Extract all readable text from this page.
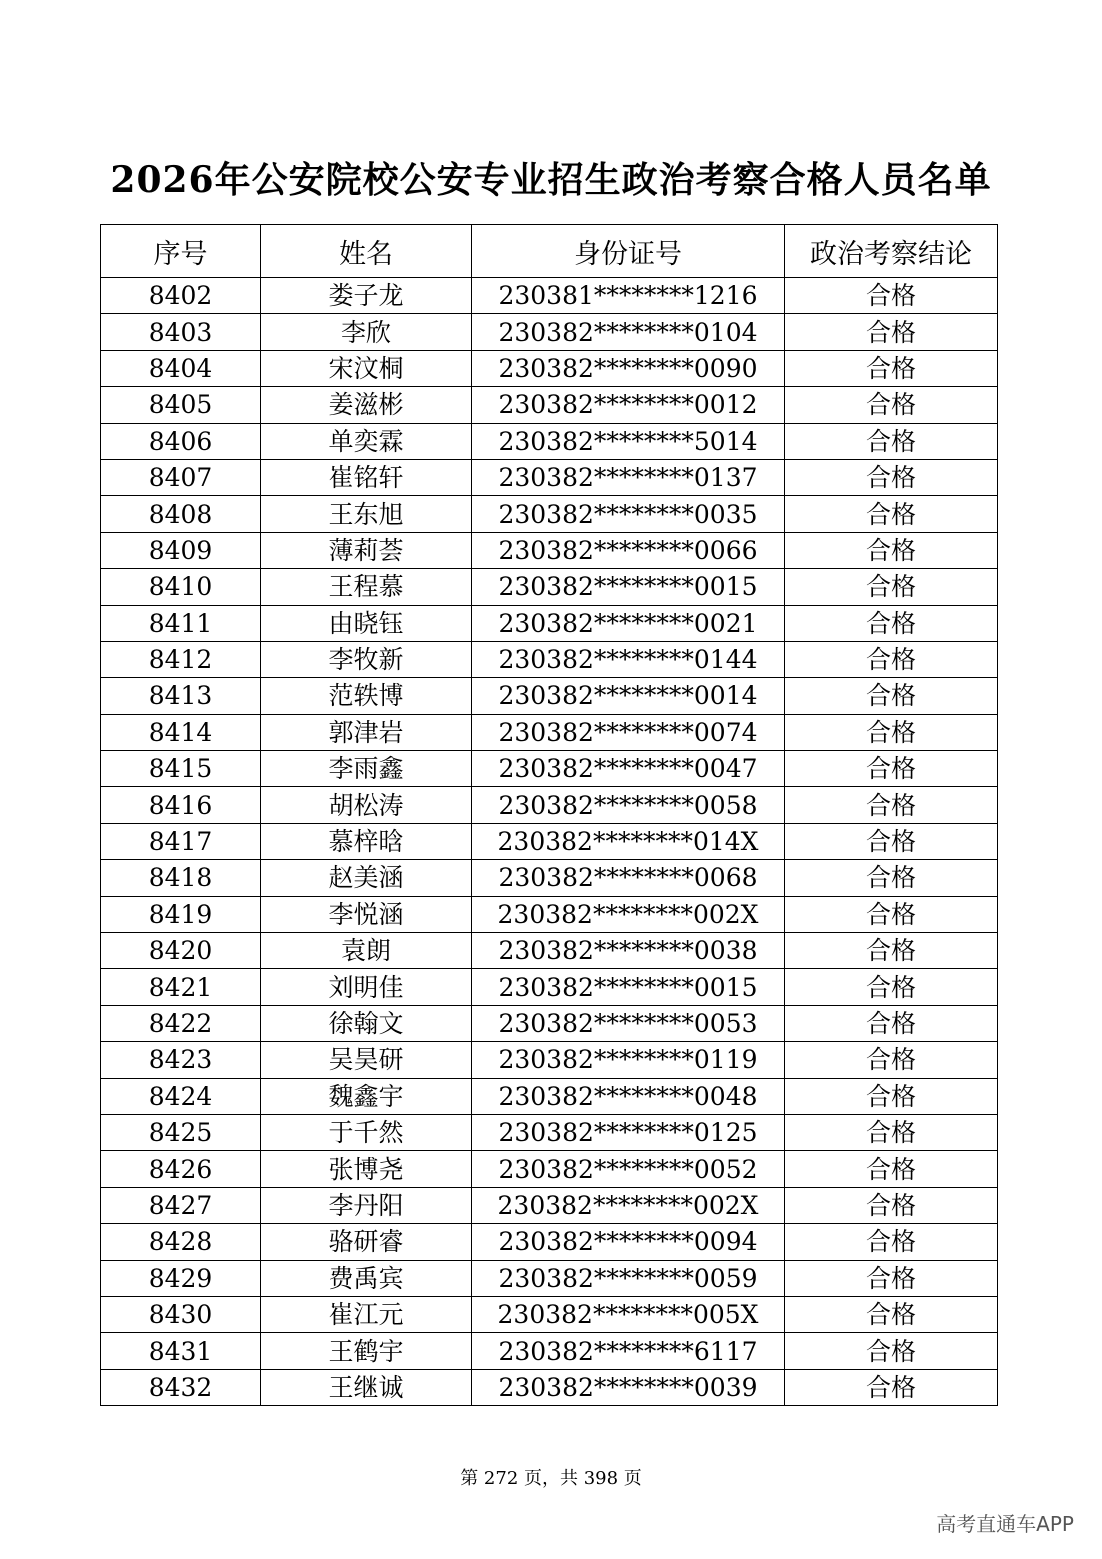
2026年公安院校公安专业招生政治考察合格人员名单
序号	姓名	身份证号	政治考察结论
8402	娄子龙	230381********1216	合格
8403	李欣	230382********0104	合格
8404	宋汶桐	230382********0090	合格
8405	姜滋彬	230382********0012	合格
8406	单奕霖	230382********5014	合格
8407	崔铭轩	230382********0137	合格
8408	王东旭	230382********0035	合格
8409	薄莉荟	230382********0066	合格
8410	王程慕	230382********0015	合格
8411	由晓钰	230382********0021	合格
8412	李牧新	230382********0144	合格
8413	范轶博	230382********0014	合格
8414	郭津岩	230382********0074	合格
8415	李雨鑫	230382********0047	合格
8416	胡松涛	230382********0058	合格
8417	慕梓晗	230382********014X	合格
8418	赵美涵	230382********0068	合格
8419	李悦涵	230382********002X	合格
8420	袁朗	230382********0038	合格
8421	刘明佳	230382********0015	合格
8422	徐翰文	230382********0053	合格
8423	吴昊研	230382********0119	合格
8424	魏鑫宇	230382********0048	合格
8425	于千然	230382********0125	合格
8426	张博尧	230382********0052	合格
8427	李丹阳	230382********002X	合格
8428	骆研睿	230382********0094	合格
8429	费禹宾	230382********0059	合格
8430	崔江元	230382********005X	合格
8431	王鹤宇	230382********6117	合格
8432	王继诚	230382********0039	合格
第 272 页，共 398 页
高考直通车APP
